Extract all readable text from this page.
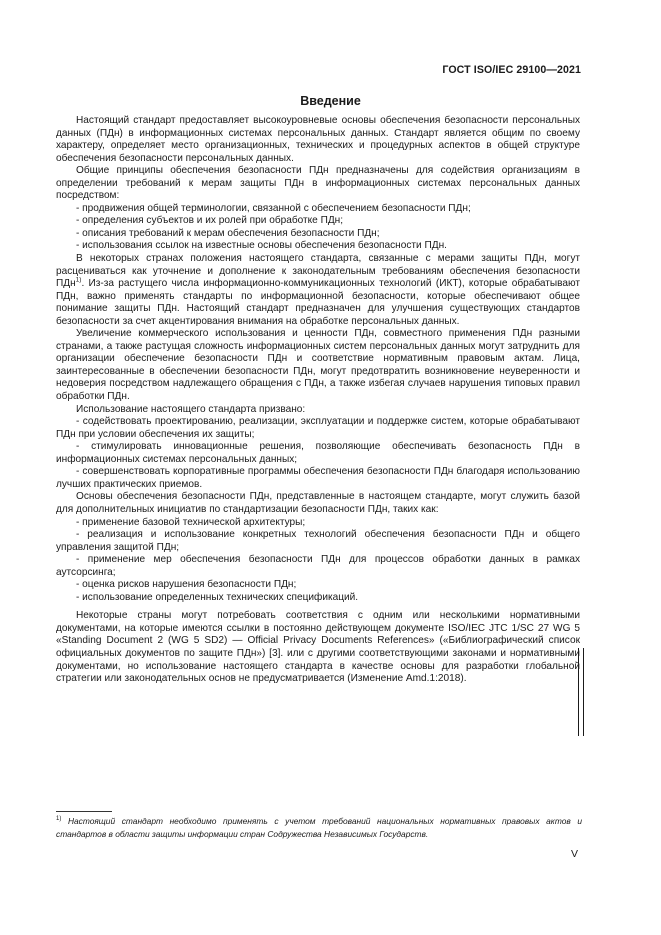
ГОСТ ISO/IEC 29100—2021
Введение

Настоящий стандарт предоставляет высокоуровневые основы обеспечения безопасности персональных данных (ПДн) в информационных системах персональных данных. Стандарт является общим по своему характеру, определяет место организационных, технических и процедурных аспектов в общей структуре обеспечения безопасности персональных данных.

Общие принципы обеспечения безопасности ПДн предназначены для содействия организациям в определении требований к мерам защиты ПДн в информационных системах персональных данных посредством:

- продвижения общей терминологии, связанной с обеспечением безопасности ПДн;

- определения субъектов и их ролей при обработке ПДн;

- описания требований к мерам обеспечения безопасности ПДн;

- использования ссылок на известные основы обеспечения безопасности ПДн.

В некоторых странах положения настоящего стандарта, связанные с мерами защиты ПДн, могут расцениваться как уточнение и дополнение к законодательным требованиям обеспечения безопасности ПДн$^{1)}$. Из-за растущего числа информационно-коммуникационных технологий (ИКТ), которые обрабатывают ПДн, важно применять стандарты по информационной безопасности, которые обеспечивают общее понимание защиты ПДн. Настоящий стандарт предназначен для улучшения существующих стандартов безопасности за счет акцентирования внимания на обработке персональных данных.

Увеличение коммерческого использования и ценности ПДн, совместного применения ПДн разными странами, а также растущая сложность информационных систем персональных данных могут затруднить для организации обеспечение безопасности ПДн и соответствие нормативным правовым актам. Лица, заинтересованные в обеспечении безопасности ПДн, могут предотвратить возникновение неуверенности и недоверия посредством надлежащего обращения с ПДн, а также избегая случаев нарушения типовых правил обработки ПДн.

Использование настоящего стандарта призвано:

- содействовать проектированию, реализации, эксплуатации и поддержке систем, которые обрабатывают ПДн при условии обеспечения их защиты;

- стимулировать инновационные решения, позволяющие обеспечивать безопасность ПДн в информационных системах персональных данных;

- совершенствовать корпоративные программы обеспечения безопасности ПДн благодаря использованию лучших практических приемов.

Основы обеспечения безопасности ПДн, представленные в настоящем стандарте, могут служить базой для дополнительных инициатив по стандартизации безопасности ПДн, таких как:

- применение базовой технической архитектуры;

- реализация и использование конкретных технологий обеспечения безопасности ПДн и общего управления защитой ПДн;

- применение мер обеспечения безопасности ПДн для процессов обработки данных в рамках аутсорсинга;

- оценка рисков нарушения безопасности ПДн;

- использование определенных технических спецификаций.

Некоторые страны могут потребовать соответствия с одним или несколькими нормативными документами, на которые имеются ссылки в постоянно действующем документе ISO/IEC JTC 1/SC 27 WG 5 «Standing Document 2 (WG 5 SD2) — Official Privacy Documents References» («Библиографический список официальных документов по защите ПДн») [3]. или с другими соответствующими законами и нормативными документами, но использование настоящего стандарта в качестве основы для разработки глобальной стратегии или законодательных основ не предусматривается (Изменение Amd.1:2018).

$^{1)}$ Настоящий стандарт необходимо применять с учетом требований национальных нормативных правовых актов и стандартов в области защиты информации стран Содружества Независимых Государств.
V
